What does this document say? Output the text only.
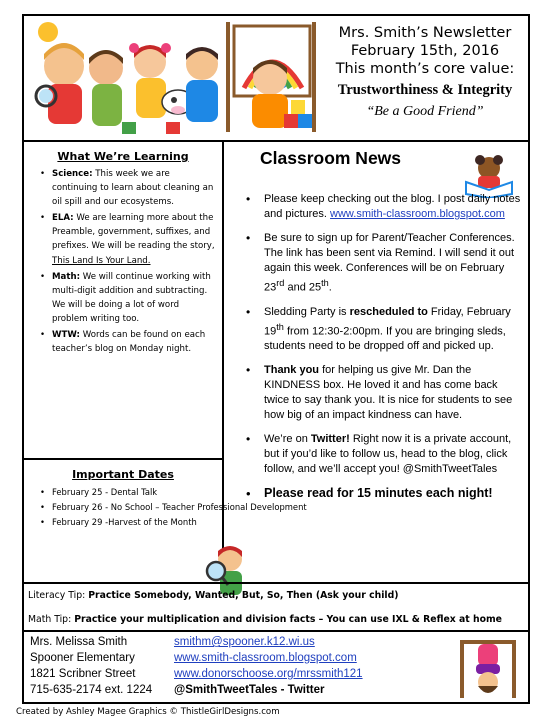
Mrs. Smith’s Newsletter
February 15th, 2016
This month’s core value:
Trustworthiness & Integrity
“Be a Good Friend”
What We’re Learning
• Science: This week we are continuing to learn about cleaning an oil spill and our ecosystems.
• ELA: We are learning more about the Preamble, government, suffixes, and prefixes. We will be reading the story, This Land Is Your Land.
• Math: We will continue working with multi-digit addition and subtracting. We will be doing a lot of word problem writing too.
• WTW: Words can be found on each teacher’s blog on Monday night.
Important Dates
• February 25 - Dental Talk
• February 26 - No School – Teacher Professional Development
• February 29 -Harvest of the Month
Classroom News
• Please keep checking out the blog. I post daily notes and pictures. www.smith-classroom.blogspot.com
• Be sure to sign up for Parent/Teacher Conferences. The link has been sent via Remind. I will send it out again this week. Conferences will be on February 23rd and 25th.
• Sledding Party is rescheduled to Friday, February 19th from 12:30-2:00pm. If you are bringing sleds, students need to be dropped off and picked up.
• Thank you for helping us give Mr. Dan the KINDNESS box. He loved it and has come back twice to say thank you. It is nice for students to see how big of an impact kindness can have.
• We’re on Twitter! Right now it is a private account, but if you’d like to follow us, head to the blog, click follow, and we’ll accept you! @SmithTweetTales
• Please read for 15 minutes each night!
Literacy Tip: Practice Somebody, Wanted, But, So, Then (Ask your child)
Math Tip: Practice your multiplication and division facts – You can use IXL & Reflex at home
Mrs. Melissa Smith	smithm@spooner.k12.wi.us
Spooner Elementary	www.smith-classroom.blogspot.com
1821 Scribner Street	www.donorschoose.org/mrssmith121
715-635-2174 ext. 1224 @SmithTweetTales - Twitter
Created by Ashley Magee Graphics © ThistleGirlDesigns.com
